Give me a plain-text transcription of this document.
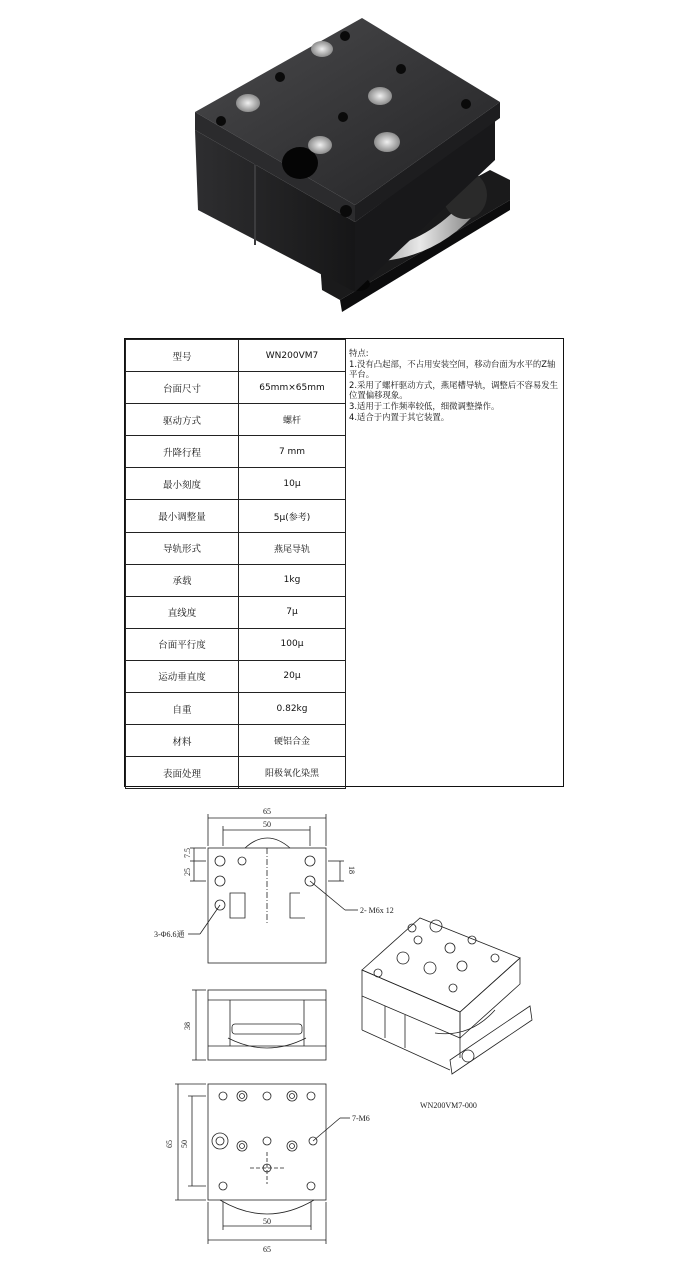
型号	WN200VM7
台面尺寸	65mm×65mm
驱动方式	螺杆
升降行程	7 mm
最小刻度	10μ
最小调整量	5μ(参考)
导轨形式	燕尾导轨
承载	1kg
直线度	7μ
台面平行度	100μ
运动垂直度	20μ
自重	0.82kg
材料	硬铝合金
表面处理	阳极氧化染黑
特点:
1.没有凸起部，不占用安装空间，移动台面为水平的Z轴平台。
2.采用了螺杆驱动方式，燕尾槽导轨，调整后不容易发生位置偏移现象。
3.适用于工作频率较低，细微调整操作。
4.适合于内置于其它装置。
65
50
7.5
25	18
2- M6x 12
3-Φ6.6通
38
65 50
50
65
7-M6
WN200VM7-000
